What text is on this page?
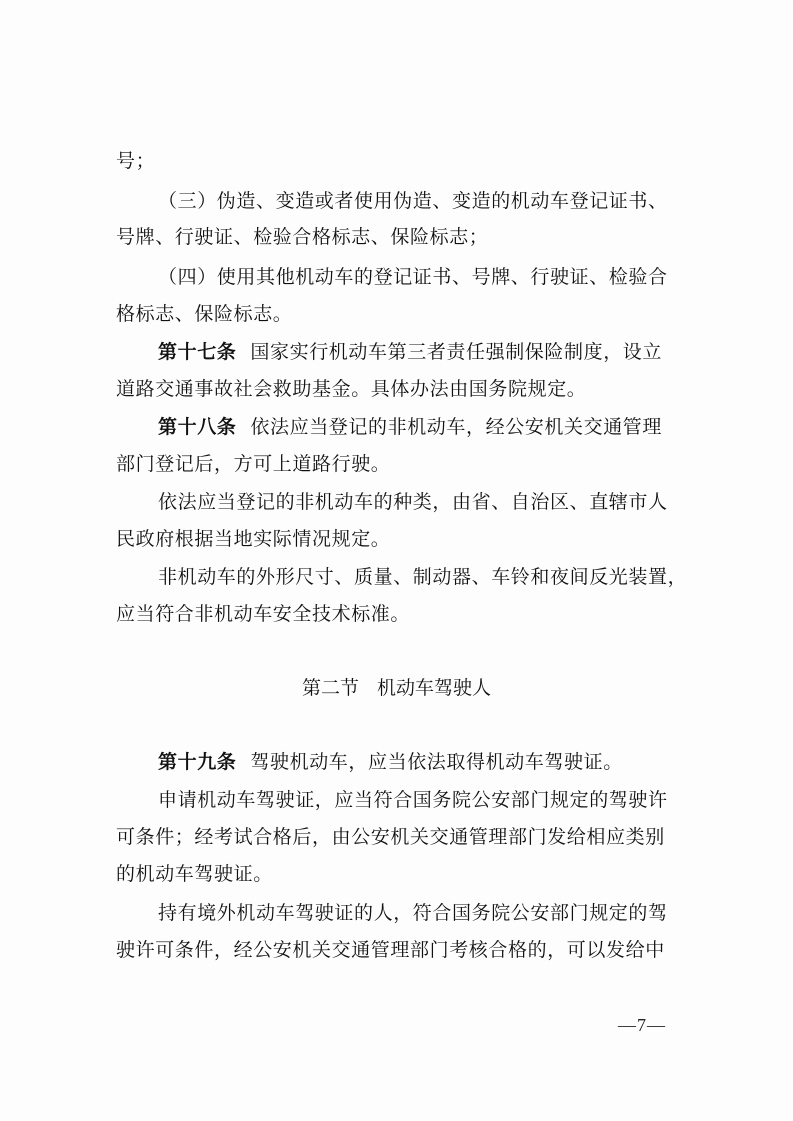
号；
（三）伪造、变造或者使用伪造、变造的机动车登记证书、
号牌、行驶证、检验合格标志、保险标志；
（四）使用其他机动车的登记证书、号牌、行驶证、检验合
格标志、保险标志。
第十七条 国家实行机动车第三者责任强制保险制度，设立
道路交通事故社会救助基金。具体办法由国务院规定。
第十八条 依法应当登记的非机动车，经公安机关交通管理
部门登记后，方可上道路行驶。
依法应当登记的非机动车的种类，由省、自治区、直辖市人
民政府根据当地实际情况规定。
非机动车的外形尺寸、质量、制动器、车铃和夜间反光装置，
应当符合非机动车安全技术标准。
第二节 机动车驾驶人
第十九条 驾驶机动车，应当依法取得机动车驾驶证。
申请机动车驾驶证，应当符合国务院公安部门规定的驾驶许
可条件；经考试合格后，由公安机关交通管理部门发给相应类别
的机动车驾驶证。
持有境外机动车驾驶证的人，符合国务院公安部门规定的驾
驶许可条件，经公安机关交通管理部门考核合格的，可以发给中
—7—
